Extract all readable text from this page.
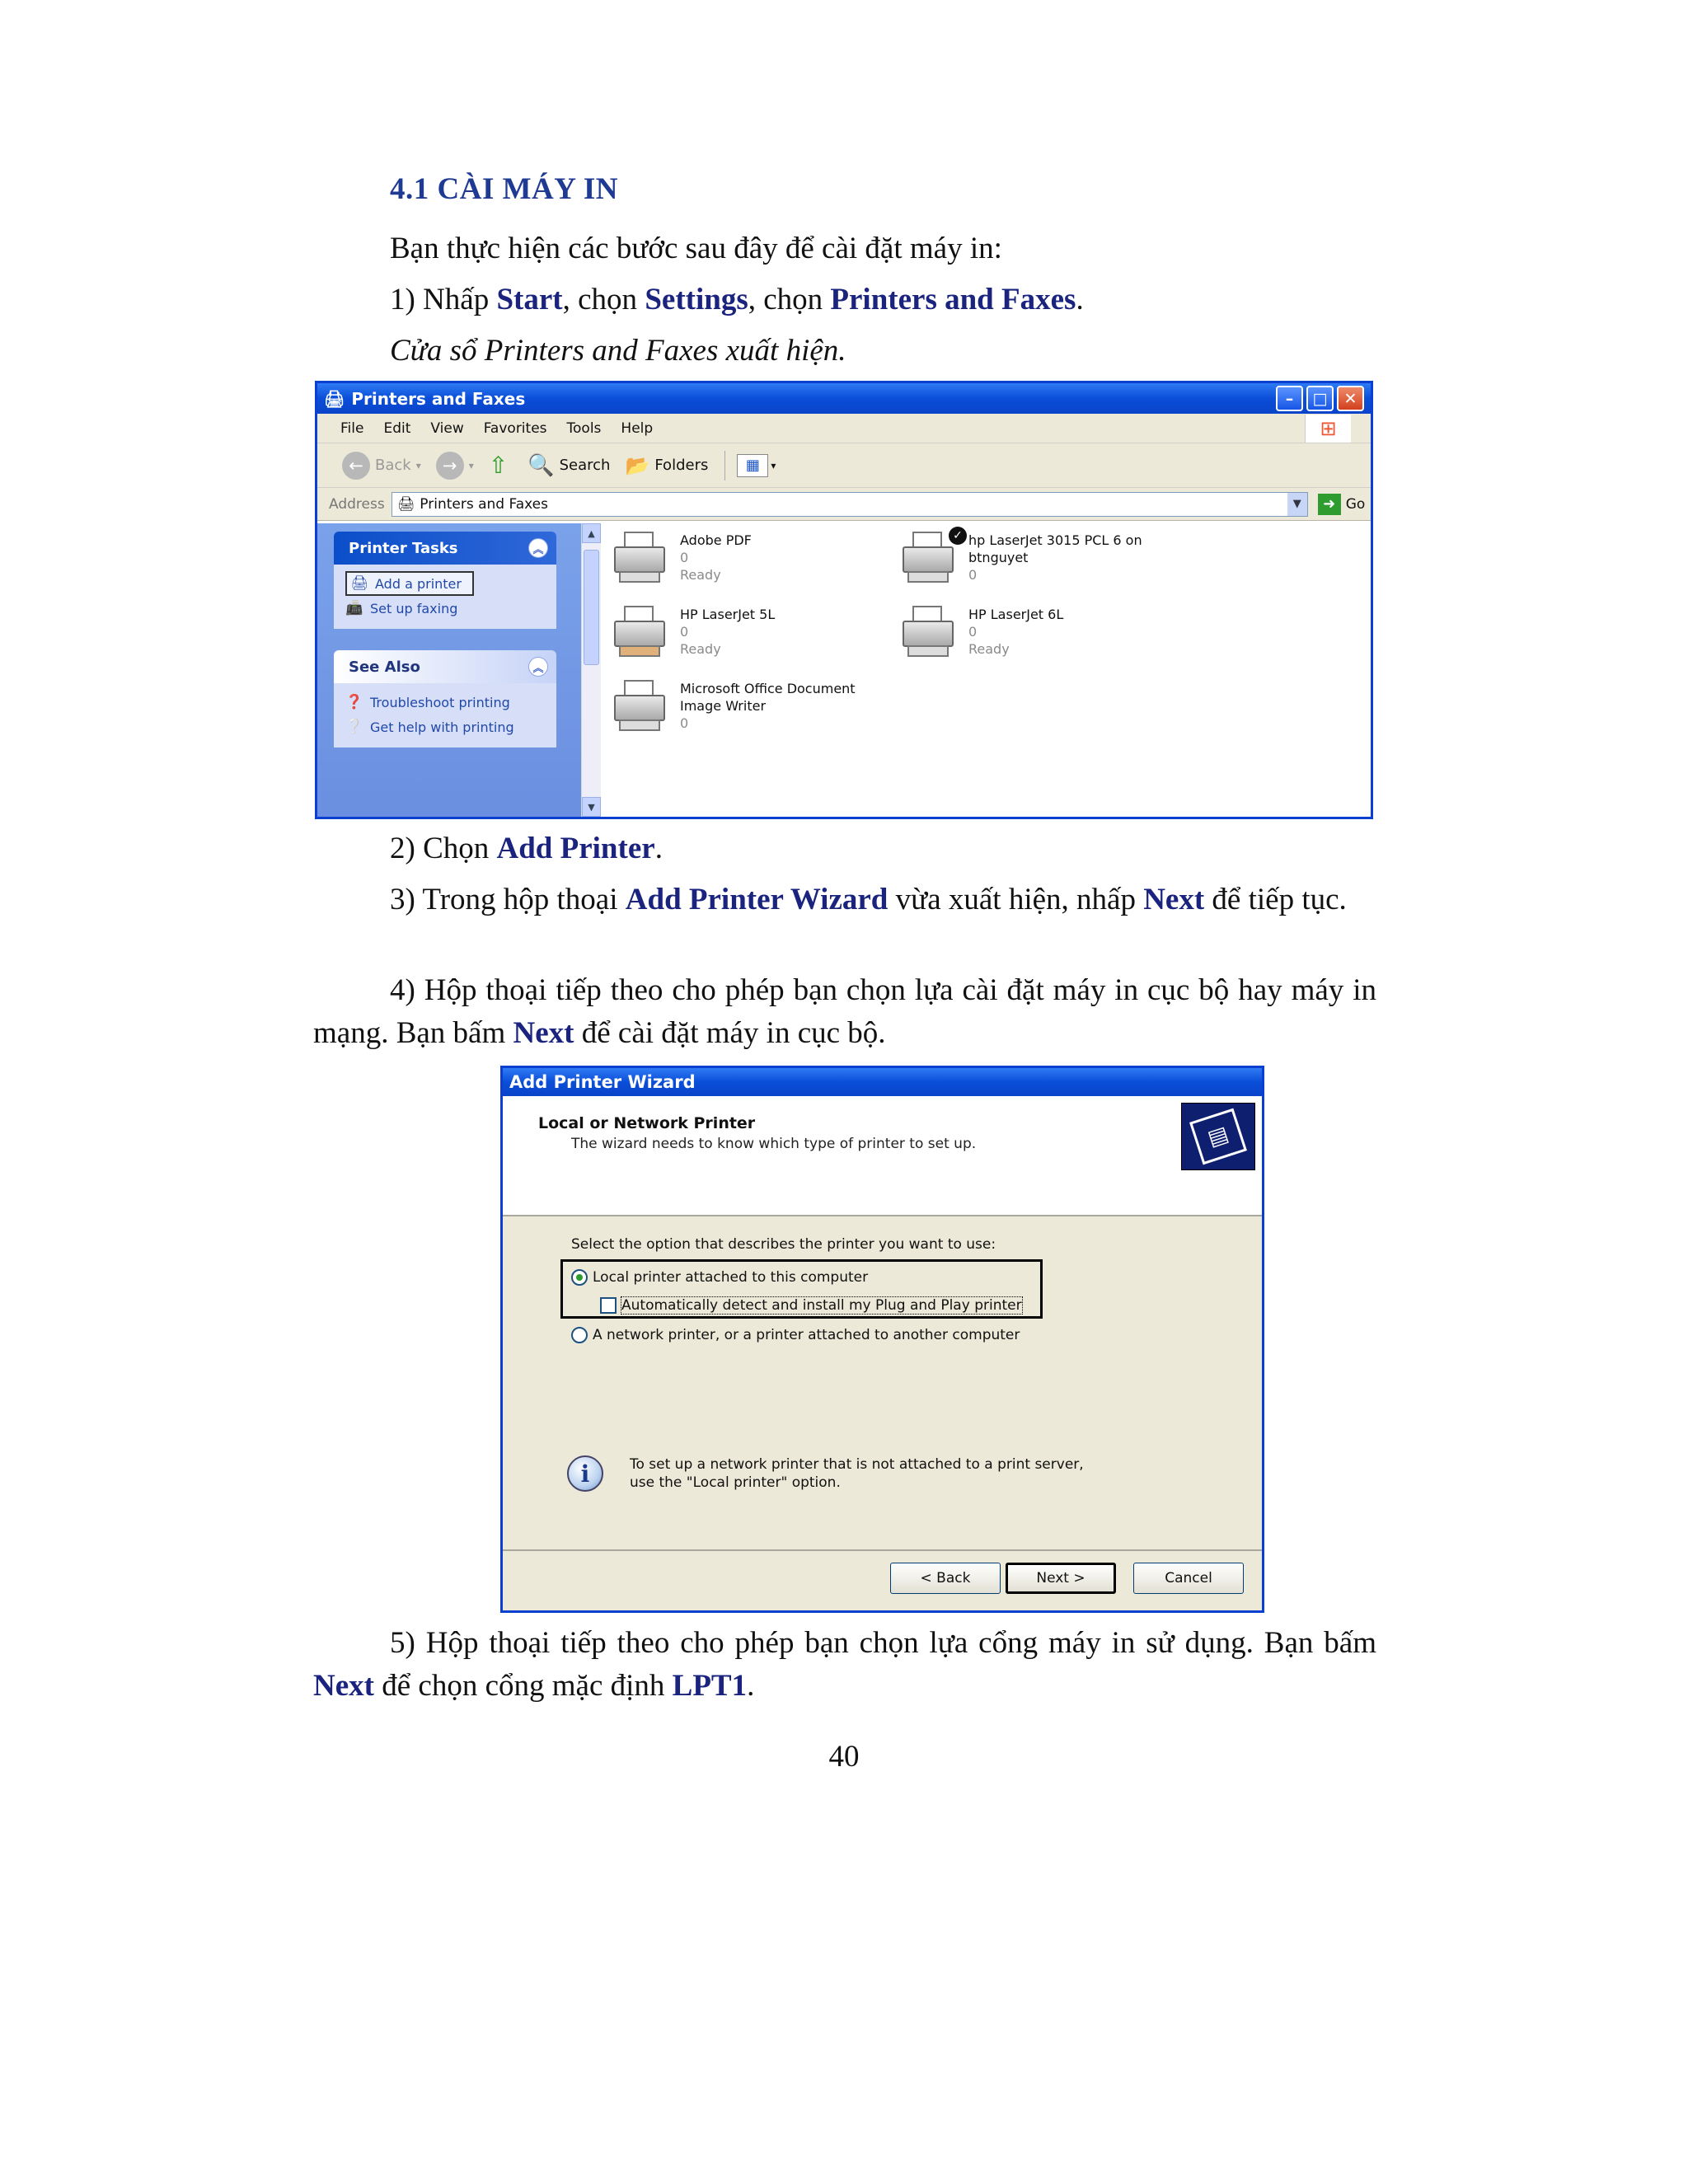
4.1 CÀI MÁY IN
Bạn thực hiện các bước sau đây để cài đặt máy in:
1) Nhấp Start, chọn Settings, chọn Printers and Faxes.
Cửa sổ Printers and Faxes xuất hiện.
🖨 Printers and Faxes	–	□	✕
File Edit View Favorites Tools Help	⊞
← Back ▾	→	▾ ⇧ 🔍 Search 📂 Folders	▦	▾
Address 🖨 Printers and Faxes	▼	➜ Go
Printer Tasks	︽
🖨 Add a printer
📠 Set up faxing
See Also	︽
❓ Troubleshoot printing
❔ Get help with printing
▲
▼
Adobe PDF
0
Ready
✓ hp LaserJet 3015 PCL 6 on
btnguyet
0
HP LaserJet 5L
0
Ready
HP LaserJet 6L
0
Ready
Microsoft Office Document
Image Writer
0
2) Chọn Add Printer.
3) Trong hộp thoại Add Printer Wizard vừa xuất hiện, nhấp Next để tiếp tục.
4) Hộp thoại tiếp theo cho phép bạn chọn lựa cài đặt máy in cục bộ hay máy in mạng. Bạn bấm Next để cài đặt máy in cục bộ.
Add Printer Wizard
Local or Network Printer
The wizard needs to know which type of printer to set up.	▤
Select the option that describes the printer you want to use:
Local printer attached to this computer
Automatically detect and install my Plug and Play printer
A network printer, or a printer attached to another computer
i	To set up a network printer that is not attached to a print server,
use the "Local printer" option.
< Back	Next >	Cancel
5) Hộp thoại tiếp theo cho phép bạn chọn lựa cổng máy in sử dụng. Bạn bấm Next để chọn cổng mặc định LPT1.
40
